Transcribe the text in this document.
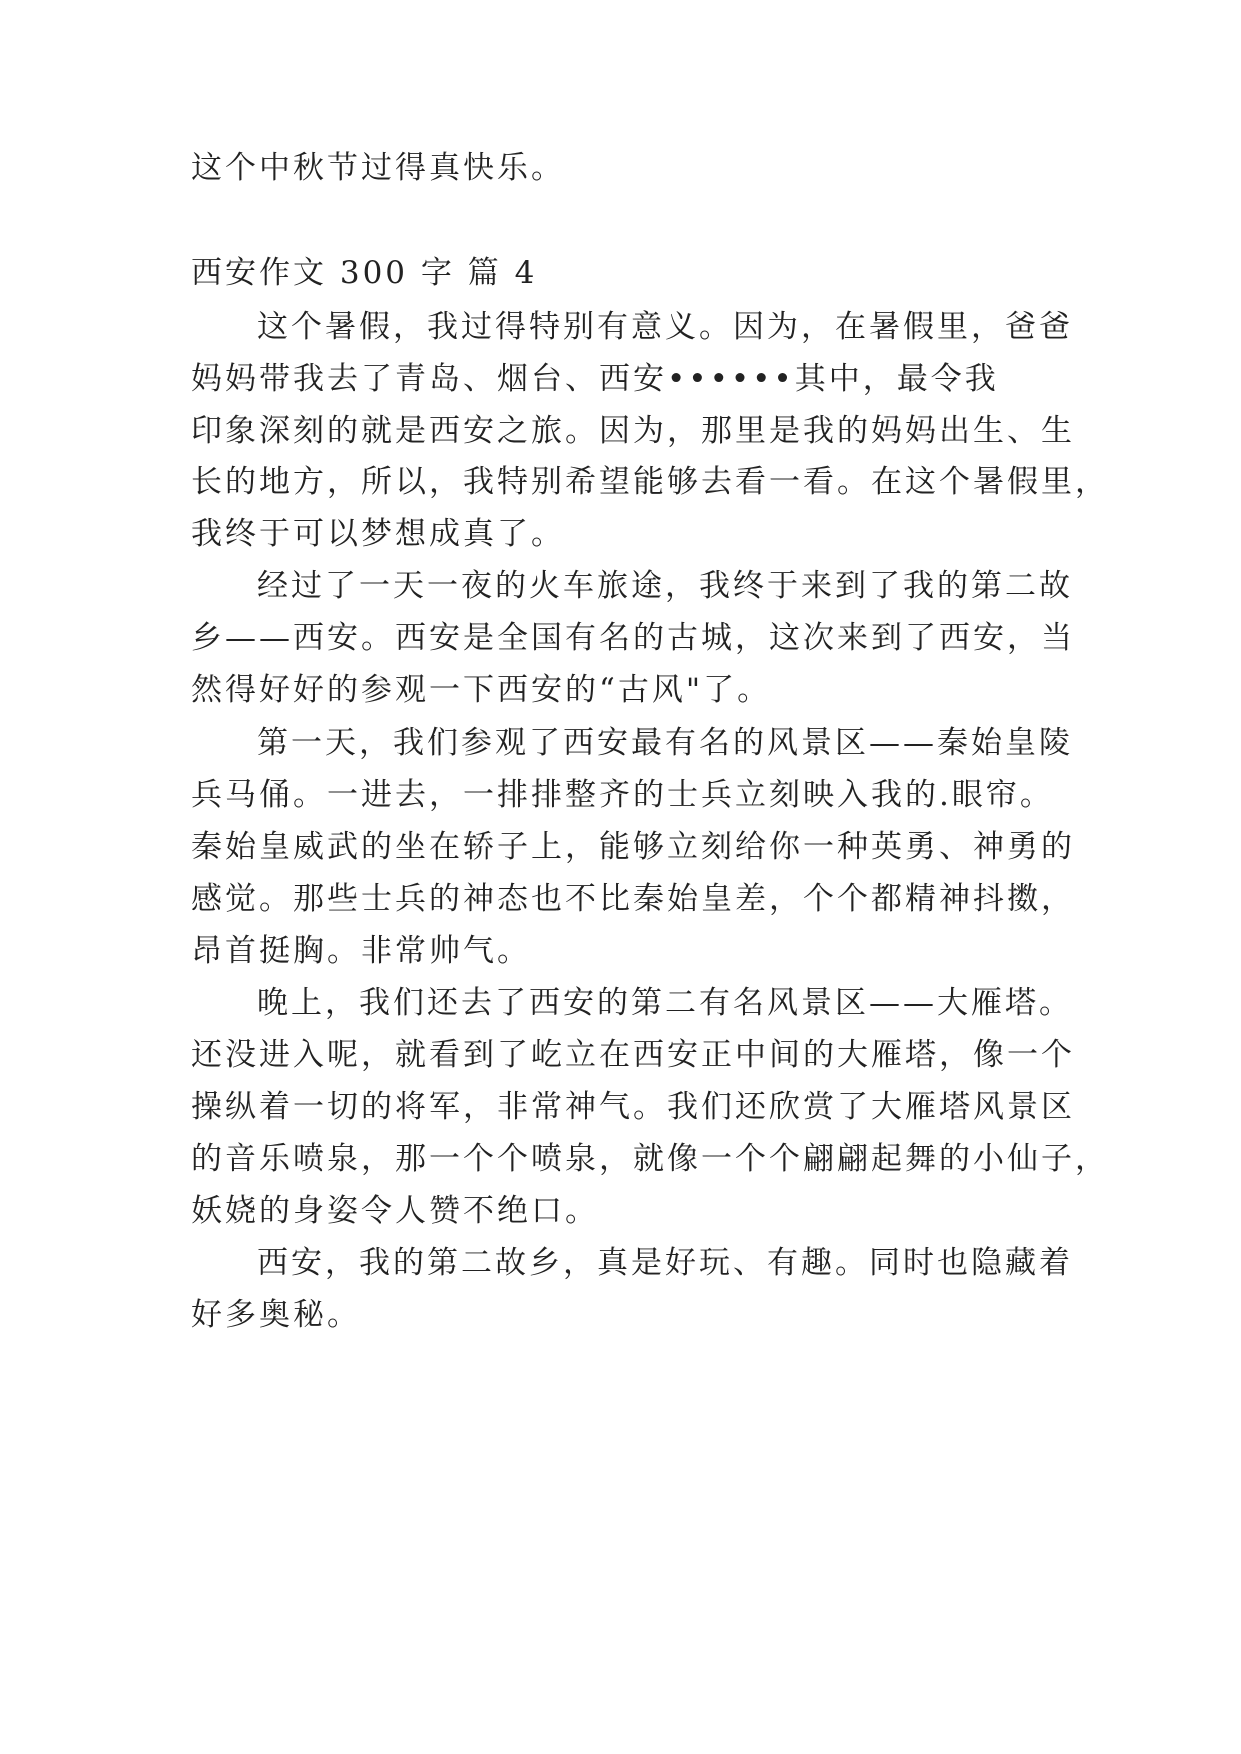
这个中秋节过得真快乐。
西安作文 300 字 篇 4
这个暑假，我过得特别有意义。因为，在暑假里，爸爸
妈妈带我去了青岛、烟台、西安••••••其中，最令我
印象深刻的就是西安之旅。因为，那里是我的妈妈出生、生
长的地方，所以，我特别希望能够去看一看。在这个暑假里，
我终于可以梦想成真了。
经过了一天一夜的火车旅途，我终于来到了我的第二故
乡——西安。西安是全国有名的古城，这次来到了西安，当
然得好好的参观一下西安的“古风"了。
第一天，我们参观了西安最有名的风景区——秦始皇陵
兵马俑。一进去，一排排整齐的士兵立刻映入我的.眼帘。
秦始皇威武的坐在轿子上，能够立刻给你一种英勇、神勇的
感觉。那些士兵的神态也不比秦始皇差，个个都精神抖擞，
昂首挺胸。非常帅气。
晚上，我们还去了西安的第二有名风景区——大雁塔。
还没进入呢，就看到了屹立在西安正中间的大雁塔，像一个
操纵着一切的将军，非常神气。我们还欣赏了大雁塔风景区
的音乐喷泉，那一个个喷泉，就像一个个翩翩起舞的小仙子，
妖娆的身姿令人赞不绝口。
西安，我的第二故乡，真是好玩、有趣。同时也隐藏着
好多奥秘。
